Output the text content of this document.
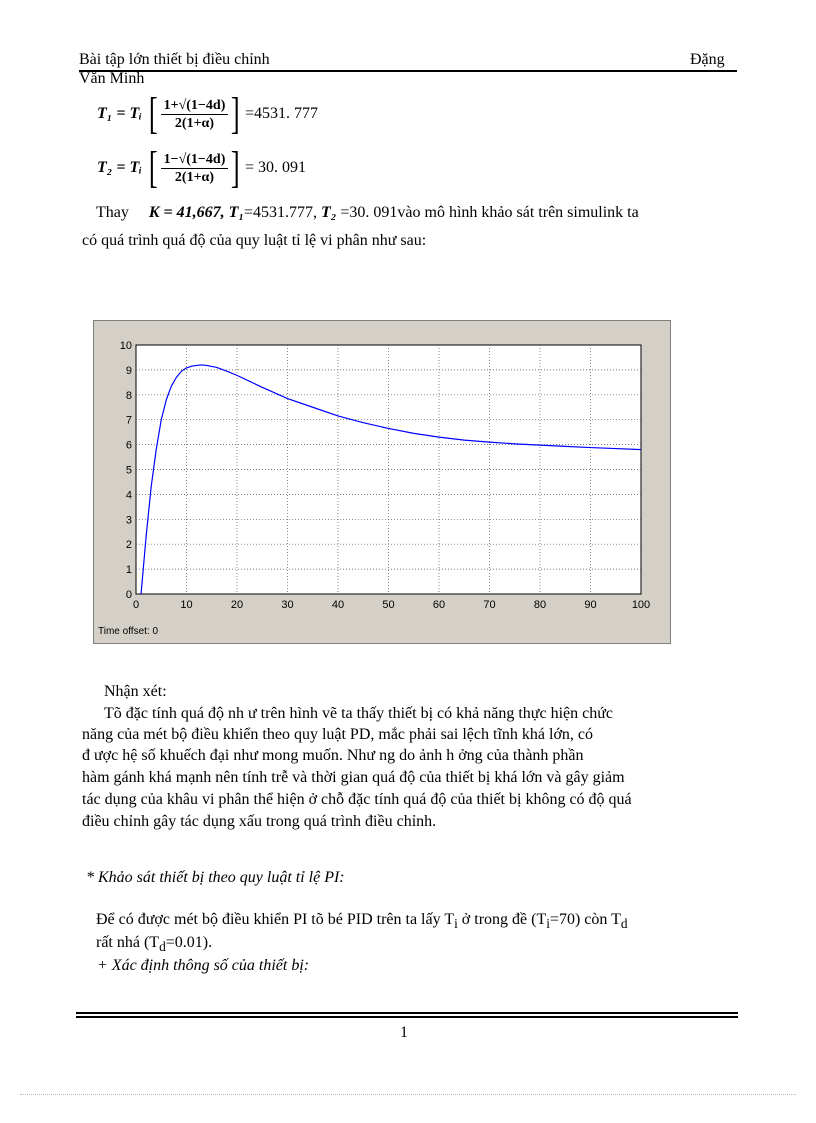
Bài tập lớn thiết bị điều chỉnh	Đặng
Văn Minh
T₁ = Tᵢ [ $\frac{1+√(1-4d)}{2(1+\alpha)}$ ] =4531. 777
T₂ = Tᵢ [ $\frac{1-√(1-4d)}{2(1+\alpha)}$ ] = 30. 091
Thay K = 41,667, T₁=4531.777, T₂ =30. 091vào mô hình khảo sát trên simulink ta
có quá trình quá độ của quy luật tỉ lệ vi phân như sau:
0	10	20	30	40	50	60	70	80	90	100
0
1
2
3
4
5
6
7
8
9
10
Time offset: 0
Nhận xét:
Tõ đặc tính quá độ nh ư trên hình vẽ ta thấy thiết bị có khả năng thực hiện chức
năng của mét bộ điều khiển theo quy luật PD, mắc phải sai lệch tĩnh khá lớn, có
đ ược hệ số khuếch đại như mong muốn. Như ng do ảnh h ởng của thành phần
hàm gánh khá mạnh nên tính trễ và thời gian quá độ của thiết bị khá lớn và gây giảm
tác dụng của khâu vi phân thể hiện ở chỗ đặc tính quá độ của thiết bị không có độ quá
điều chỉnh gây tác dụng xấu trong quá trình điều chỉnh.
* Khảo sát thiết bị theo quy luật tỉ lệ PI:
Để có được mét bộ điều khiển PI tõ bé PID trên ta lấy $T_i$ ở trong đề $(T_i=70)$ còn $T_d$
rất nhá $(T_d=0.01)$.
+ Xác định thông số của thiết bị:
1
